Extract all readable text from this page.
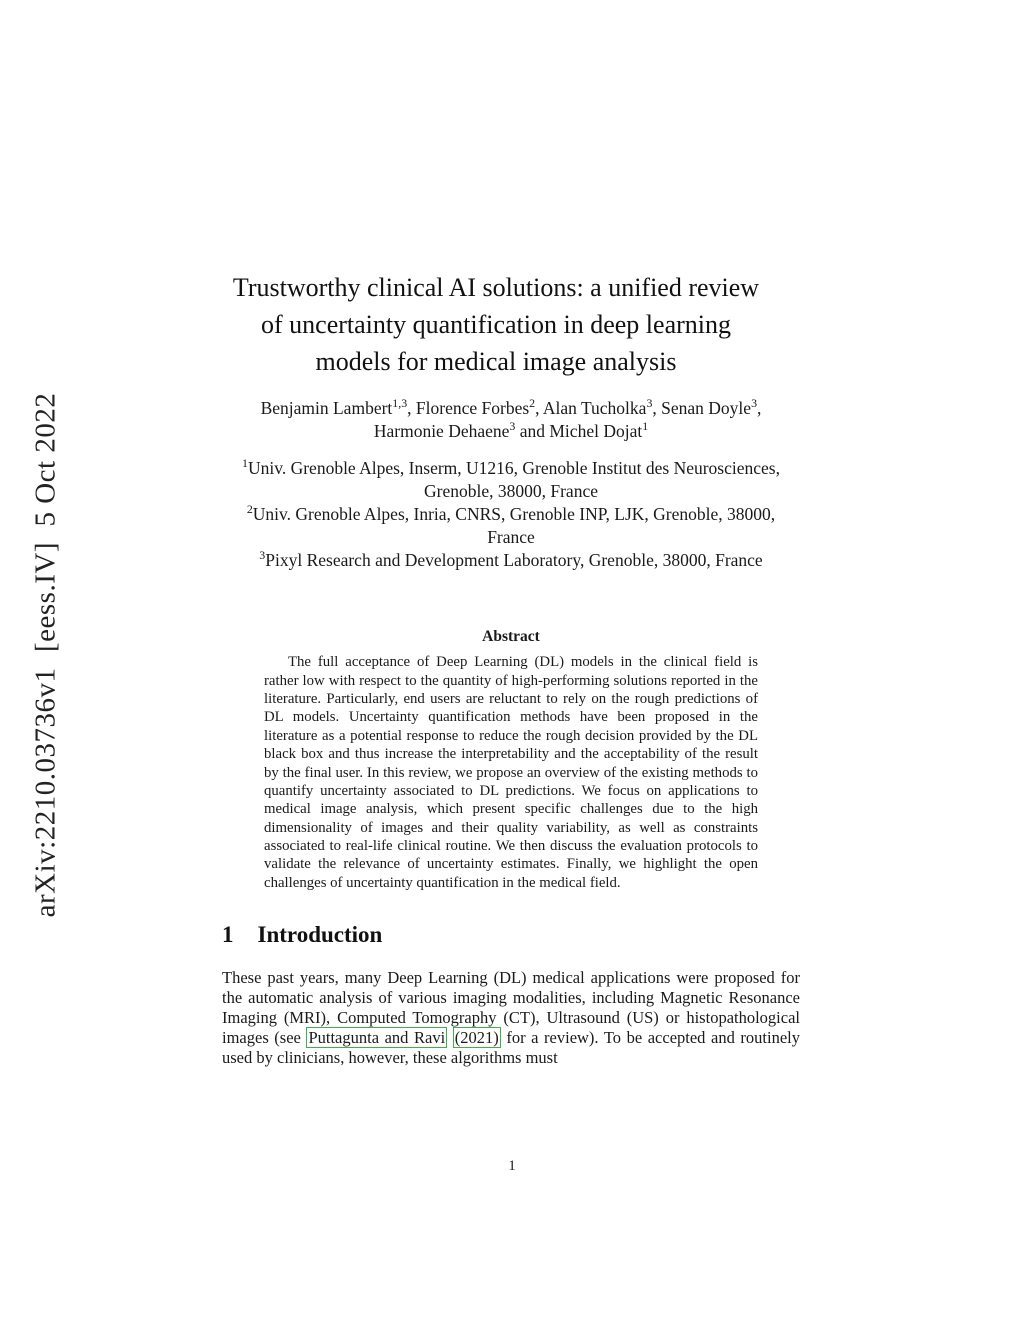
arXiv:2210.03736v1  [eess.IV]  5 Oct 2022
Trustworthy clinical AI solutions: a unified review of uncertainty quantification in deep learning models for medical image analysis

Benjamin Lambert$^{1,3}$, Florence Forbes$^2$, Alan Tucholka$^3$, Senan Doyle$^3$, Harmonie Dehaene$^3$ and Michel Dojat$^1$

$^1$Univ. Grenoble Alpes, Inserm, U1216, Grenoble Institut des Neurosciences, Grenoble, 38000, France

$^2$Univ. Grenoble Alpes, Inria, CNRS, Grenoble INP, LJK, Grenoble, 38000, France

$^3$Pixyl Research and Development Laboratory, Grenoble, 38000, France

Abstract

The full acceptance of Deep Learning (DL) models in the clinical field is rather low with respect to the quantity of high-performing solutions reported in the literature. Particularly, end users are reluctant to rely on the rough predictions of DL models. Uncertainty quantification methods have been proposed in the literature as a potential response to reduce the rough decision provided by the DL black box and thus increase the interpretability and the acceptability of the result by the final user. In this review, we propose an overview of the existing methods to quantify uncertainty associated to DL predictions. We focus on applications to medical image analysis, which present specific challenges due to the high dimensionality of images and their quality variability, as well as constraints associated to real-life clinical routine. We then discuss the evaluation protocols to validate the relevance of uncertainty estimates. Finally, we highlight the open challenges of uncertainty quantification in the medical field.

1 Introduction

These past years, many Deep Learning (DL) medical applications were proposed for the automatic analysis of various imaging modalities, including Magnetic Resonance Imaging (MRI), Computed Tomography (CT), Ultrasound (US) or histopathological images (see Puttagunta and Ravi (2021) for a review). To be accepted and routinely used by clinicians, however, these algorithms must

1
